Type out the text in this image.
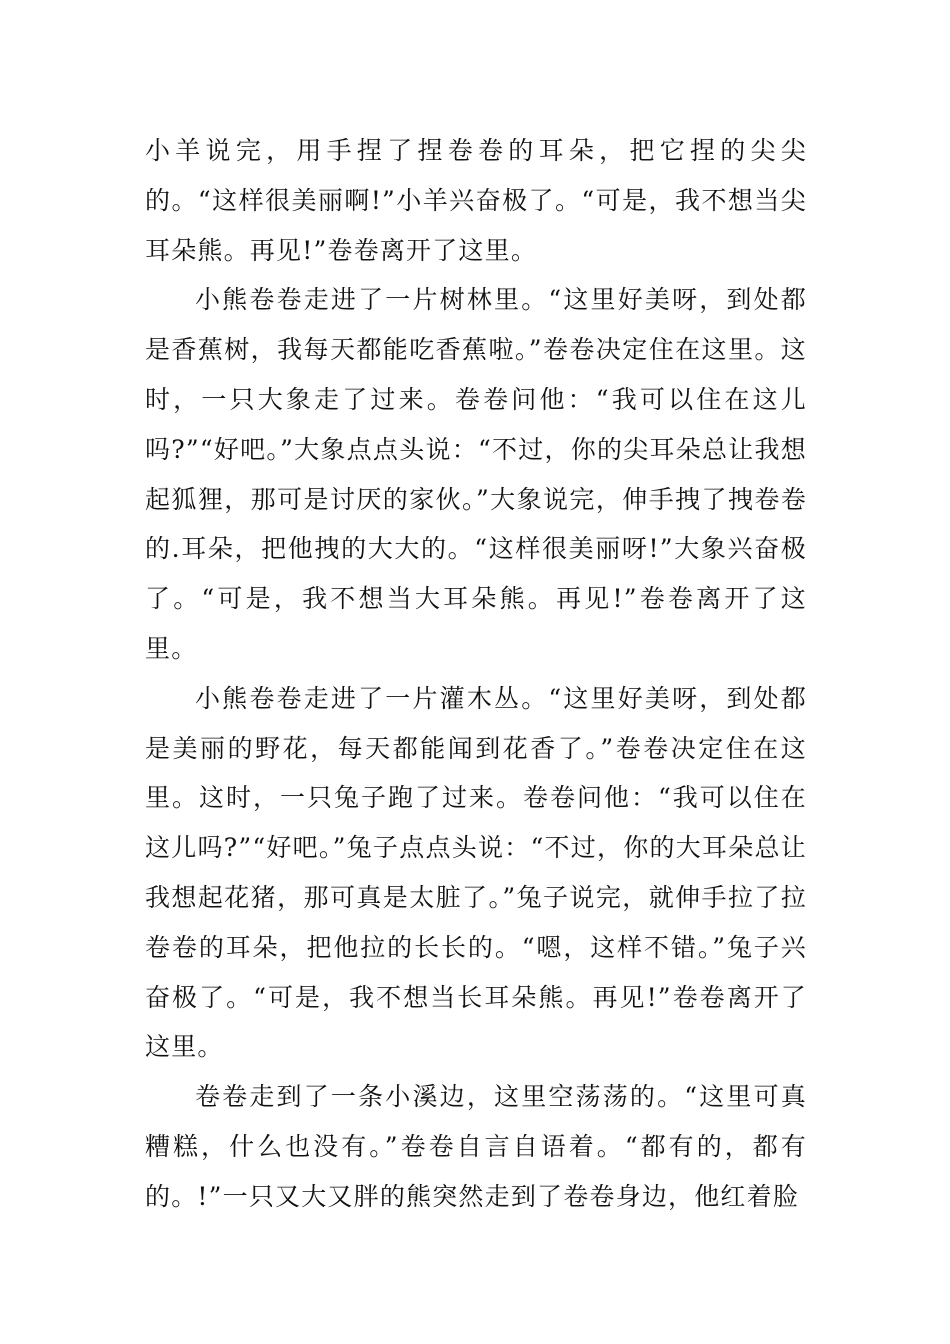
小羊说完，用手捏了捏卷卷的耳朵，把它捏的尖尖的。“这样很美丽啊!”小羊兴奋极了。“可是，我不想当尖耳朵熊。再见!”卷卷离开了这里。

小熊卷卷走进了一片树林里。“这里好美呀，到处都是香蕉树，我每天都能吃香蕉啦。”卷卷决定住在这里。这时，一只大象走了过来。卷卷问他：“我可以住在这儿吗?”“好吧。”大象点点头说：“不过，你的尖耳朵总让我想起狐狸，那可是讨厌的家伙。”大象说完，伸手拽了拽卷卷的.耳朵，把他拽的大大的。“这样很美丽呀!”大象兴奋极了。“可是，我不想当大耳朵熊。再见!”卷卷离开了这里。

小熊卷卷走进了一片灌木丛。“这里好美呀，到处都是美丽的野花，每天都能闻到花香了。”卷卷决定住在这里。这时，一只兔子跑了过来。卷卷问他：“我可以住在这儿吗?”“好吧。”兔子点点头说：“不过，你的大耳朵总让我想起花猪，那可真是太脏了。”兔子说完，就伸手拉了拉卷卷的耳朵，把他拉的长长的。“嗯，这样不错。”兔子兴奋极了。“可是，我不想当长耳朵熊。再见!”卷卷离开了这里。

卷卷走到了一条小溪边，这里空荡荡的。“这里可真糟糕，什么也没有。”卷卷自言自语着。“都有的，都有的。!”一只又大又胖的熊突然走到了卷卷身边，他红着脸
